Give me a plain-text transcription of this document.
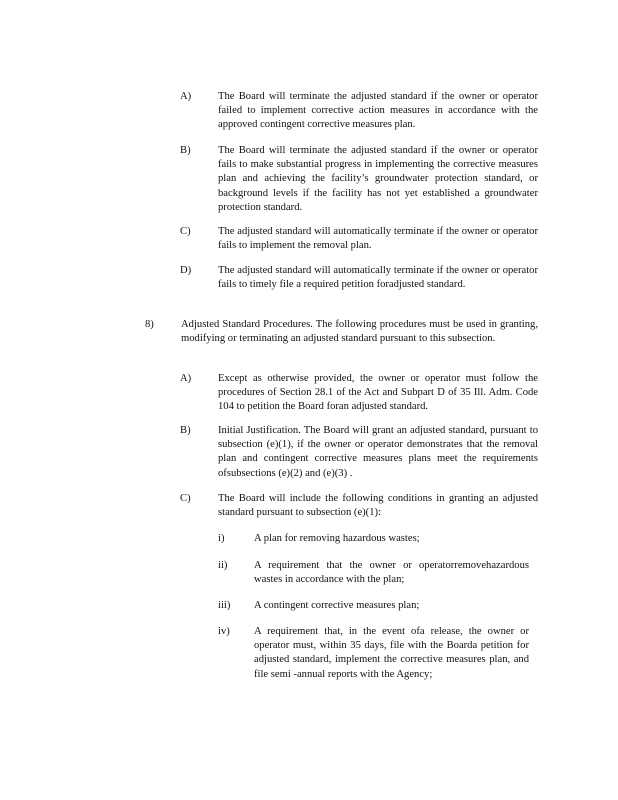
A)	The Board will terminate the adjusted standard if the owner or operator failed to implement corrective action measures in accordance with the approved contingent corrective measures plan.
B)	The Board will terminate the adjusted standard if the owner or operator fails to make substantial progress in implementing the corrective measures plan and achieving the facility’s groundwater protection standard, or background levels if the facility has not yet established a groundwater protection standard.
C)	The adjusted standard will automatically terminate if the owner or operator fails to implement the removal plan.
D)	The adjusted standard will automatically terminate if the owner or operator fails to timely file a required petition foradjusted standard.
8)	Adjusted Standard Procedures. The following procedures must be used in granting, modifying or terminating an adjusted standard pursuant to this subsection.
A)	Except as otherwise provided, the owner or operator must follow the procedures of Section 28.1 of the Act and Subpart D of 35 Ill. Adm. Code 104 to petition the Board foran adjusted standard.
B)	Initial Justification. The Board will grant an adjusted standard, pursuant to subsection (e)(1), if the owner or operator demonstrates that the removal plan and contingent corrective measures plans meet the requirements ofsubsections (e)(2) and (e)(3) .
C)	The Board will include the following conditions in granting an adjusted standard pursuant to subsection (e)(1):
i)	A plan for removing hazardous wastes;
ii)	A requirement that the owner or operatorremovehazardous wastes in accordance with the plan;
iii) A contingent corrective measures plan;
iv) A requirement that, in the event ofa release, the owner or operator must, within 35 days, file with the Boarda petition for adjusted standard, implement the corrective measures plan, and file semi -annual reports with the Agency;
